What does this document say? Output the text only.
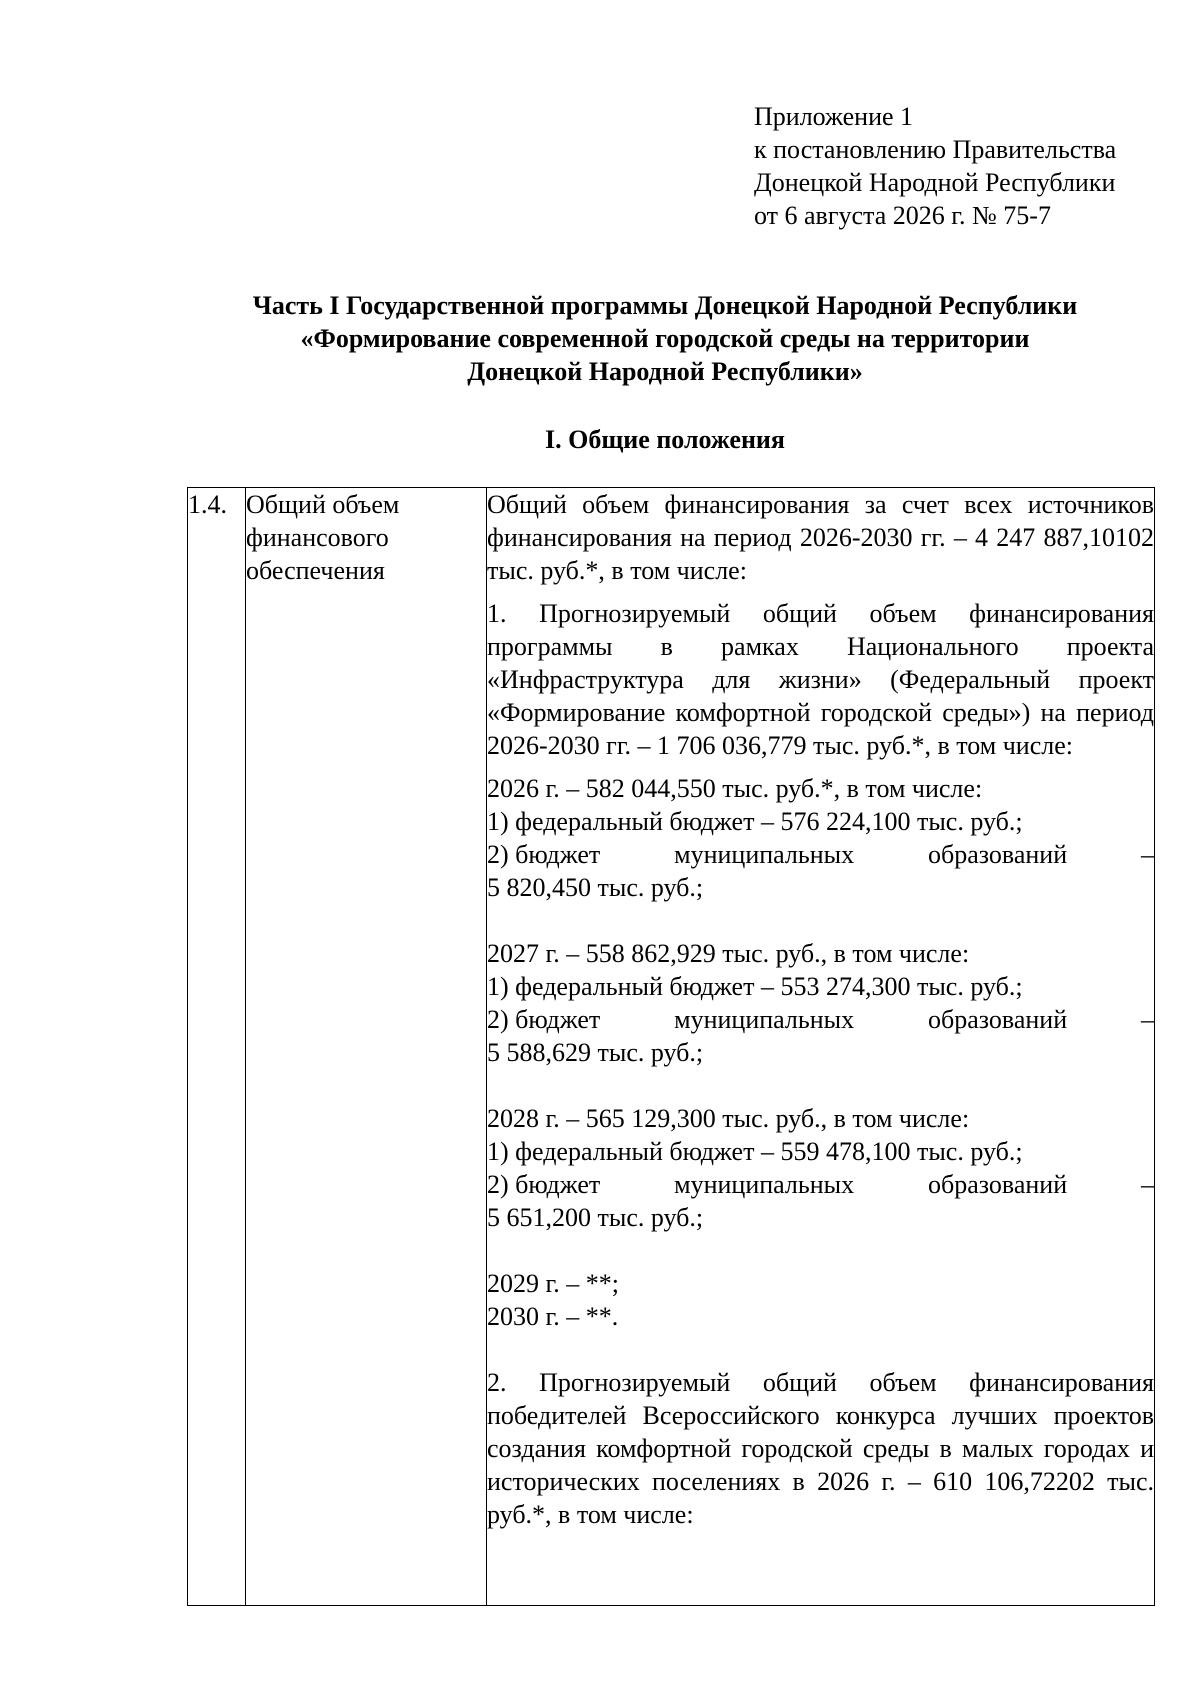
Приложение 1
к постановлению Правительства
Донецкой Народной Республики
от 6 августа 2026 г. № 75-7
Часть I Государственной программы Донецкой Народной Республики
«Формирование современной городской среды на территории
Донецкой Народной Республики»
I. Общие положения
1.4.	Общий объем финансового обеспечения

Общий объем финансирования за счет всех источников финансирования на период 2026-2030 гг. – 4 247 887,10102 тыс. руб.*, в том числе:

1. Прогнозируемый общий объем финансирования программы в рамках Национального проекта «Инфраструктура для жизни» (Федеральный проект «Формирование комфортной городской среды») на период 2026-2030 гг. – 1 706 036,779 тыс. руб.*, в том числе:

2026 г. – 582 044,550 тыс. руб.*, в том числе:

1) федеральный бюджет – 576 224,100 тыс. руб.;

2) бюджет	муниципальных	образований	–

5 820,450 тыс. руб.;

2027 г. – 558 862,929 тыс. руб., в том числе:

1) федеральный бюджет – 553 274,300 тыс. руб.;

2) бюджет	муниципальных	образований	–

5 588,629 тыс. руб.;

2028 г. – 565 129,300 тыс. руб., в том числе:

1) федеральный бюджет – 559 478,100 тыс. руб.;

2) бюджет	муниципальных	образований	–

5 651,200 тыс. руб.;

2029 г. – **;

2030 г. – **.

2. Прогнозируемый общий объем финансирования победителей Всероссийского конкурса лучших проектов создания комфортной городской среды в малых городах и исторических поселениях в 2026 г. – 610 106,72202 тыс. руб.*, в том числе:
